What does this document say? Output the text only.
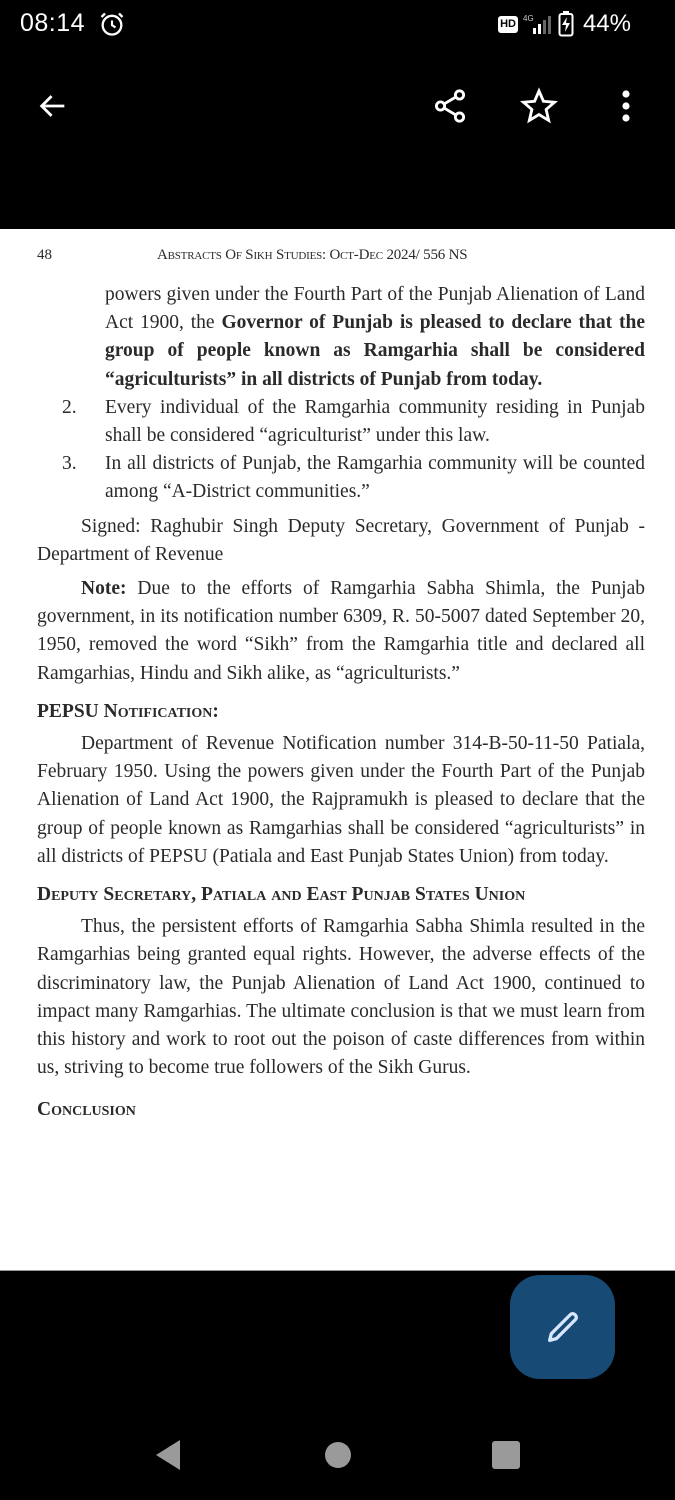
08:14	HD 4G 44%
48	Abstracts Of Sikh Studies: Oct-Dec 2024/ 556 NS

powers given under the Fourth Part of the Punjab Alienation of Land Act 1900, the Governor of Punjab is pleased to declare that the group of people known as Ramgarhia shall be considered “agriculturists” in all districts of Punjab from today.

2. Every individual of the Ramgarhia community residing in Punjab shall be considered “agriculturist” under this law.
3. In all districts of Punjab, the Ramgarhia community will be counted among “A-District communities.”

Signed: Raghubir Singh Deputy Secretary, Government of Punjab - Department of Revenue

Note: Due to the efforts of Ramgarhia Sabha Shimla, the Punjab government, in its notification number 6309, R. 50-5007 dated September 20, 1950, removed the word “Sikh” from the Ramgarhia title and declared all Ramgarhias, Hindu and Sikh alike, as “agriculturists.”

PEPSU Notification:

Department of Revenue Notification number 314-B-50-11-50 Patiala, February 1950. Using the powers given under the Fourth Part of the Punjab Alienation of Land Act 1900, the Rajpramukh is pleased to declare that the group of people known as Ramgarhias shall be considered “agriculturists” in all districts of PEPSU (Patiala and East Punjab States Union) from today.

Deputy Secretary, Patiala and East Punjab States Union

Thus, the persistent efforts of Ramgarhia Sabha Shimla resulted in the Ramgarhias being granted equal rights. However, the adverse effects of the discriminatory law, the Punjab Alienation of Land Act 1900, continued to impact many Ramgarhias. The ultimate conclusion is that we must learn from this history and work to root out the poison of caste differences from within us, striving to become true followers of the Sikh Gurus.

Conclusion
